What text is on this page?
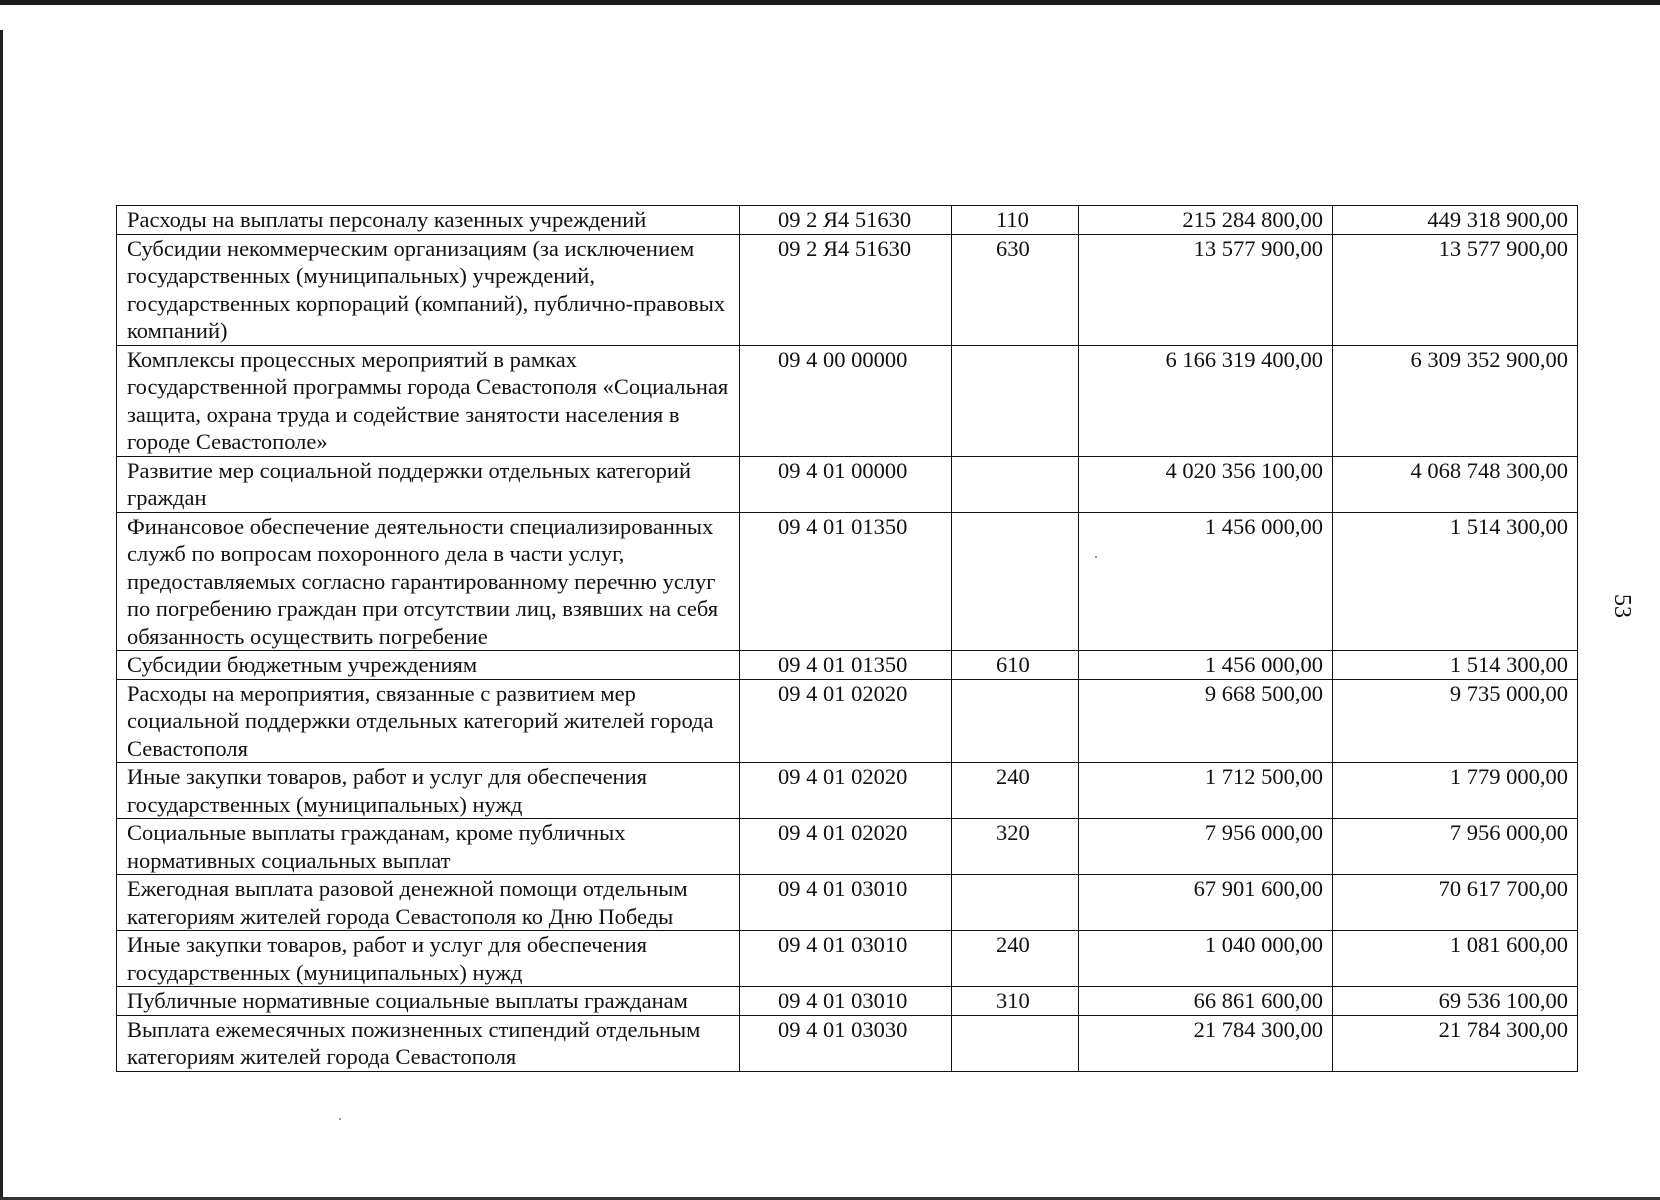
53
Расходы на выплаты персоналу казенных учреждений	09 2 Я4 51630	110	215 284 800,00	449 318 900,00
Субсидии некоммерческим организациям (за исключением государственных (муниципальных) учреждений, государственных корпораций (компаний), публично-правовых компаний)	09 2 Я4 51630	630	13 577 900,00	13 577 900,00
Комплексы процессных мероприятий в рамках государственной программы города Севастополя «Социальная защита, охрана труда и содействие занятости населения в городе Севастополе»	09 4 00 00000		6 166 319 400,00	6 309 352 900,00
Развитие мер социальной поддержки отдельных категорий граждан	09 4 01 00000		4 020 356 100,00	4 068 748 300,00
Финансовое обеспечение деятельности специализированных служб по вопросам похоронного дела в части услуг, предоставляемых согласно гарантированному перечню услуг по погребению граждан при отсутствии лиц, взявших на себя обязанность осуществить погребение	09 4 01 01350		1 456 000,00	1 514 300,00
Субсидии бюджетным учреждениям	09 4 01 01350	610	1 456 000,00	1 514 300,00
Расходы на мероприятия, связанные с развитием мер социальной поддержки отдельных категорий жителей города Севастополя	09 4 01 02020		9 668 500,00	9 735 000,00
Иные закупки товаров, работ и услуг для обеспечения государственных (муниципальных) нужд	09 4 01 02020	240	1 712 500,00	1 779 000,00
Социальные выплаты гражданам, кроме публичных нормативных социальных выплат	09 4 01 02020	320	7 956 000,00	7 956 000,00
Ежегодная выплата разовой денежной помощи отдельным категориям жителей города Севастополя ко Дню Победы	09 4 01 03010		67 901 600,00	70 617 700,00
Иные закупки товаров, работ и услуг для обеспечения государственных (муниципальных) нужд	09 4 01 03010	240	1 040 000,00	1 081 600,00
Публичные нормативные социальные выплаты гражданам	09 4 01 03010	310	66 861 600,00	69 536 100,00
Выплата ежемесячных пожизненных стипендий отдельным категориям жителей города Севастополя	09 4 01 03030		21 784 300,00	21 784 300,00
